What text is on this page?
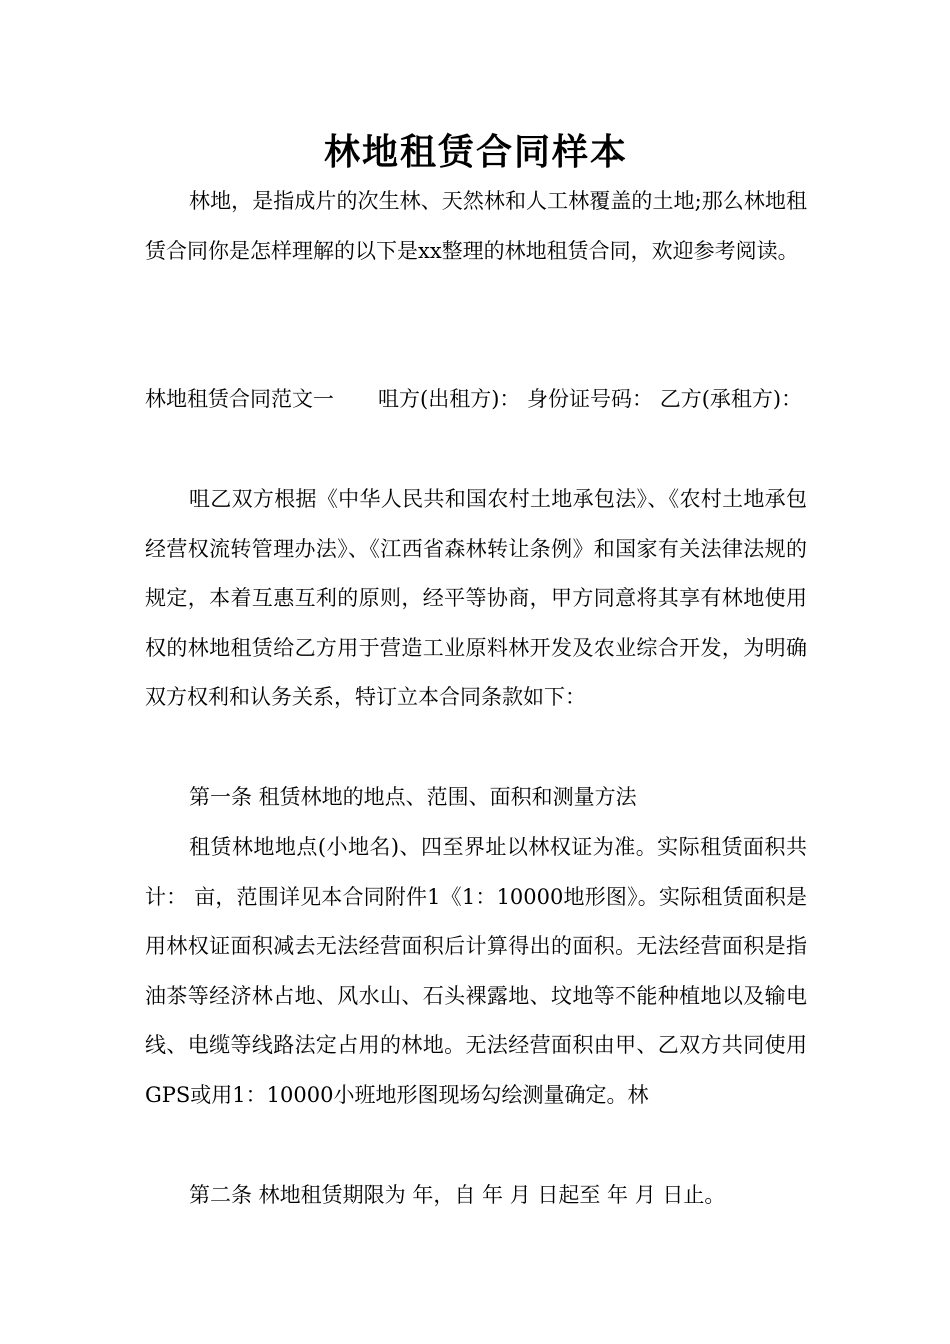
林地租赁合同样本

林地，是指成片的次生林、天然林和人工林覆盖的土地;那么林地租赁合同你是怎样理解的以下是xx整理的林地租赁合同，欢迎参考阅读。

林地租赁合同范文一 咀方(出租方)： 身份证号码： 乙方(承租方)：

咀乙双方根据《中华人民共和国农村土地承包法》、《农村土地承包经营权流转管理办法》、《江西省森林转让条例》和国家有关法律法规的规定，本着互惠互利的原则，经平等协商，甲方同意将其享有林地使用权的林地租赁给乙方用于营造工业原料林开发及农业综合开发，为明确双方权利和认务关系，特订立本合同条款如下：

第一条 租赁林地的地点、范围、面积和测量方法

租赁林地地点(小地名)、四至界址以林权证为准。实际租赁面积共计： 亩，范围详见本合同附件1《1：10000地形图》。实际租赁面积是用林权证面积减去无法经营面积后计算得出的面积。无法经营面积是指油茶等经济林占地、风水山、石头裸露地、坟地等不能种植地以及输电线、电缆等线路法定占用的林地。无法经营面积由甲、乙双方共同使用GPS或用1：10000小班地形图现场勾绘测量确定。林

第二条 林地租赁期限为 年，自 年 月 日起至 年 月 日止。
